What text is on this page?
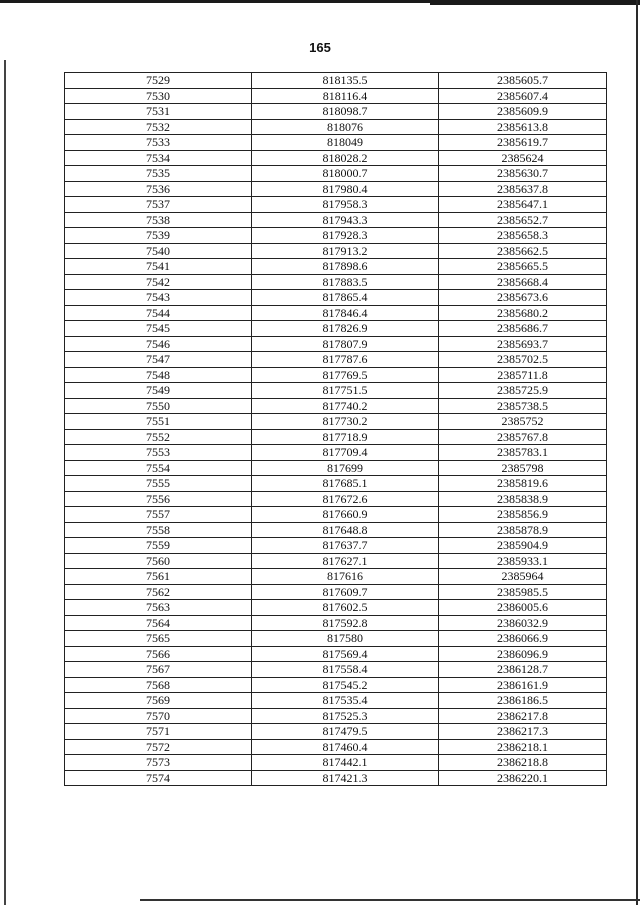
165
7529	818135.5	2385605.7
7530	818116.4	2385607.4
7531	818098.7	2385609.9
7532	818076	2385613.8
7533	818049	2385619.7
7534	818028.2	2385624
7535	818000.7	2385630.7
7536	817980.4	2385637.8
7537	817958.3	2385647.1
7538	817943.3	2385652.7
7539	817928.3	2385658.3
7540	817913.2	2385662.5
7541	817898.6	2385665.5
7542	817883.5	2385668.4
7543	817865.4	2385673.6
7544	817846.4	2385680.2
7545	817826.9	2385686.7
7546	817807.9	2385693.7
7547	817787.6	2385702.5
7548	817769.5	2385711.8
7549	817751.5	2385725.9
7550	817740.2	2385738.5
7551	817730.2	2385752
7552	817718.9	2385767.8
7553	817709.4	2385783.1
7554	817699	2385798
7555	817685.1	2385819.6
7556	817672.6	2385838.9
7557	817660.9	2385856.9
7558	817648.8	2385878.9
7559	817637.7	2385904.9
7560	817627.1	2385933.1
7561	817616	2385964
7562	817609.7	2385985.5
7563	817602.5	2386005.6
7564	817592.8	2386032.9
7565	817580	2386066.9
7566	817569.4	2386096.9
7567	817558.4	2386128.7
7568	817545.2	2386161.9
7569	817535.4	2386186.5
7570	817525.3	2386217.8
7571	817479.5	2386217.3
7572	817460.4	2386218.1
7573	817442.1	2386218.8
7574	817421.3	2386220.1
